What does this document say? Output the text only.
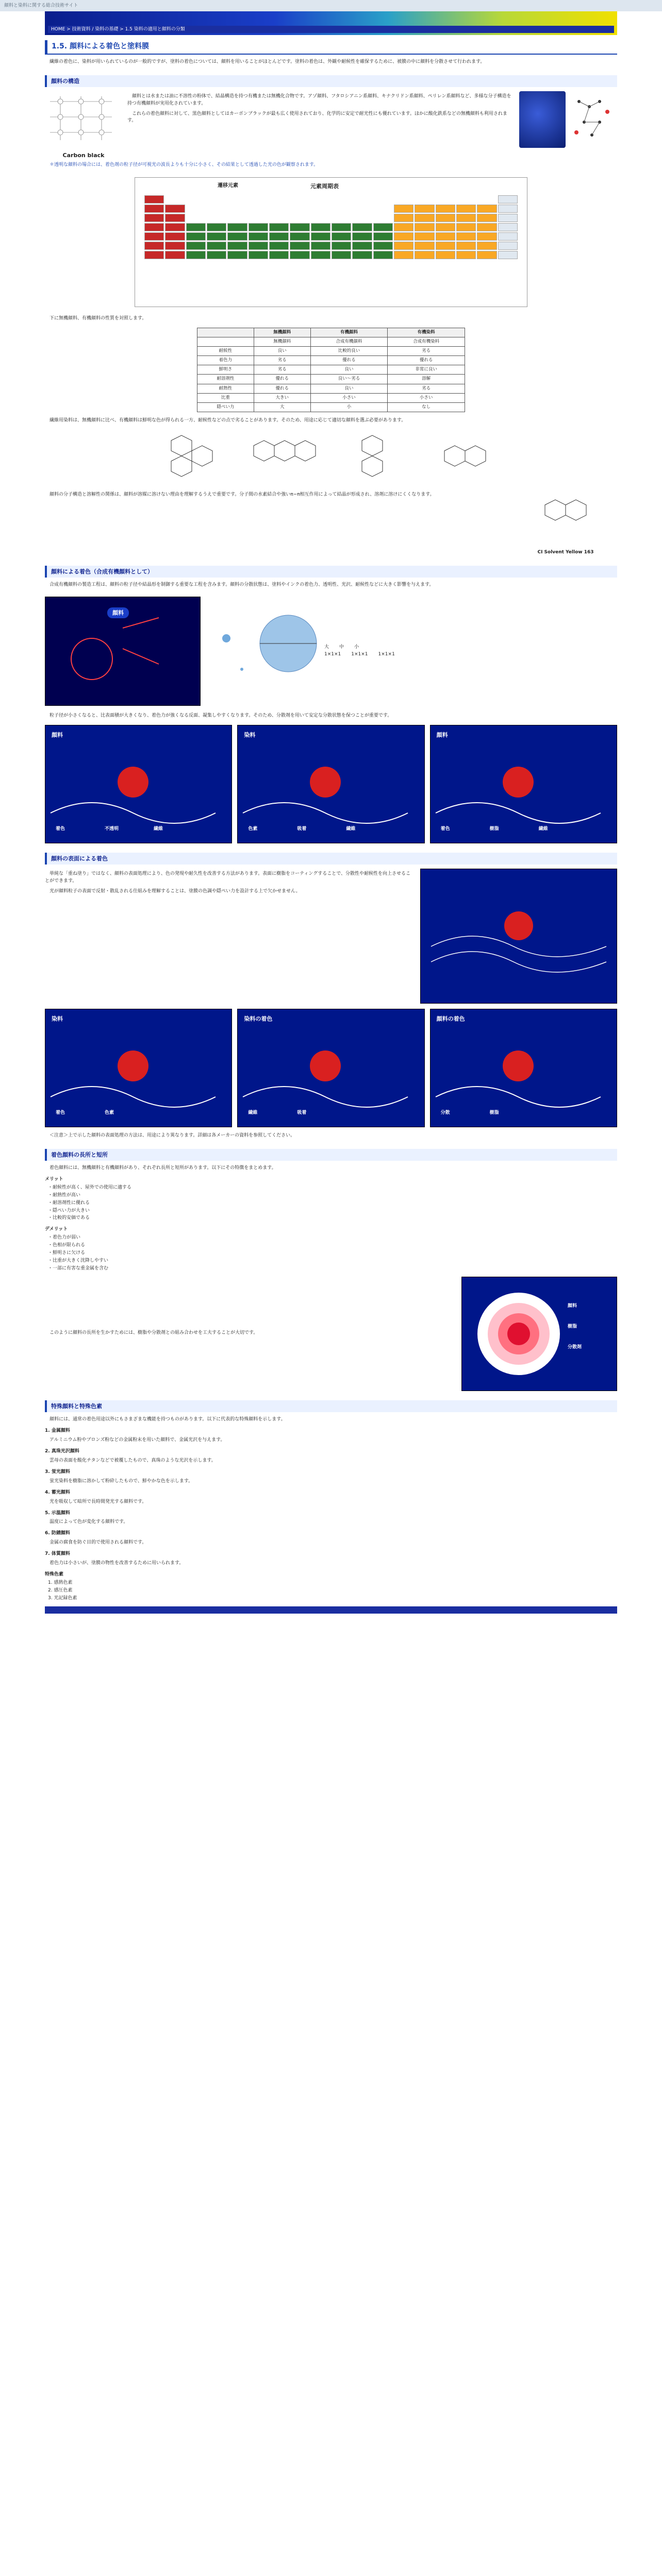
顔料と染料に関する総合技術サイト
HOME > 技術資料 / 染料の基礎 > 1.5 染料の適用と顔料の分類
1.5. 顔料による着色と塗料膜

繊維の着色に、染料が用いられているのが一般的ですが、塗料の着色については、顔料を用いることがほとんどです。塗料の着色は、外観や耐候性を確保するために、被膜の中に顔料を分散させて行われます。

顔料の構造
Carbon black

顔料とは水または油に不溶性の粉体で、結晶構造を持つ有機または無機化合物です。アゾ顔料、フタロシアニン系顔料、キナクリドン系顔料、ペリレン系顔料など、多様な分子構造を持つ有機顔料が実用化されています。

これらの着色顔料に対して、黒色顔料としてはカーボンブラックが最も広く使用されており、化学的に安定で耐光性にも優れています。ほかに酸化鉄系などの無機顔料も利用されます。

＊透明な顔料の場合には、着色剤の粒子径が可視光の波長よりも十分に小さく、その結果として透過した光の色が観察されます。

遷移元素	元素周期表

下に無機顔料、有機顔料の性質を対照します。

	無機顔料	有機顔料	有機染料
	無機顔料	合成有機顔料	合成有機染料
耐候性	良い	比較的良い	劣る
着色力	劣る	優れる	優れる
鮮明さ	劣る	良い	非常に良い
耐溶剤性	優れる	良い〜劣る	溶解
耐熱性	優れる	良い	劣る
比重	大きい	小さい	小さい
隠ぺい力	大	小	なし

繊維用染料は、無機顔料に比べ、有機顔料は鮮明な色が得られる一方、耐候性などの点で劣ることがあります。そのため、用途に応じて適切な顔料を選ぶ必要があります。

顔料の分子構造と溶解性の関係は、顔料が溶媒に溶けない理由を理解するうえで重要です。分子間の水素結合や強いπ−π相互作用によって結晶が形成され、溶剤に溶けにくくなります。

CI Solvent Yellow 163
顔料による着色（合成有機顔料として）

合成有機顔料の製造工程は、顔料の粒子径や結晶形を制御する重要な工程を含みます。顔料の分散状態は、塗料やインクの着色力、透明性、光沢、耐候性などに大きく影響を与えます。

顔料
大 中 小
1×1×1 1×1×1 1×1×1

粒子径が小さくなると、比表面積が大きくなり、着色力が強くなる反面、凝集しやすくなります。そのため、分散剤を用いて安定な分散状態を保つことが重要です。

顔料
着色	不透明	繊維
染料
色素	吸着	繊維
顔料
着色	樹脂	繊維
顔料の表面による着色

単純な「重ね塗り」ではなく、顔料の表面処理により、色の発現や耐久性を改善する方法があります。表面に樹脂をコーティングすることで、分散性や耐候性を向上させることができます。

光が顔料粒子の表面で反射・散乱される仕組みを理解することは、塗膜の色調や隠ぺい力を設計する上で欠かせません。

染料
着色	色素
染料の着色
繊維	吸着
顔料の着色
分散	樹脂

＜注意＞上で示した顔料の表面処理の方法は、用途により異なります。詳細は各メーカーの資料を参照してください。

着色顔料の長所と短所

着色顔料には、無機顔料と有機顔料があり、それぞれ長所と短所があります。以下にその特徴をまとめます。

メリット
・耐候性が高く、屋外での使用に適する
・耐熱性が高い
・耐溶剤性に優れる
・隠ぺい力が大きい
・比較的安価である
デメリット
・着色力が弱い
・色相が限られる
・鮮明さに欠ける
・比重が大きく沈降しやすい
・一部に有害な重金属を含む

このように顔料の長所を生かすためには、樹脂や分散剤との組み合わせを工夫することが大切です。

顔料
樹脂
分散剤
特殊顔料と特殊色素

顔料には、通常の着色用途以外にもさまざまな機能を持つものがあります。以下に代表的な特殊顔料を示します。

1. 金属顔料

アルミニウム粉やブロンズ粉などの金属粉末を用いた顔料で、金属光沢を与えます。

2. 真珠光沢顔料

雲母の表面を酸化チタンなどで被覆したもので、真珠のような光沢を示します。

3. 蛍光顔料

蛍光染料を樹脂に溶かして粉砕したもので、鮮やかな色を示します。

4. 蓄光顔料

光を吸収して暗所で長時間発光する顔料です。

5. 示温顔料

温度によって色が変化する顔料です。

6. 防錆顔料

金属の腐食を防ぐ目的で使用される顔料です。

7. 体質顔料

着色力は小さいが、塗膜の物性を改善するために用いられます。

特殊色素
1. 感熱色素
2. 感圧色素
3. 光記録色素
